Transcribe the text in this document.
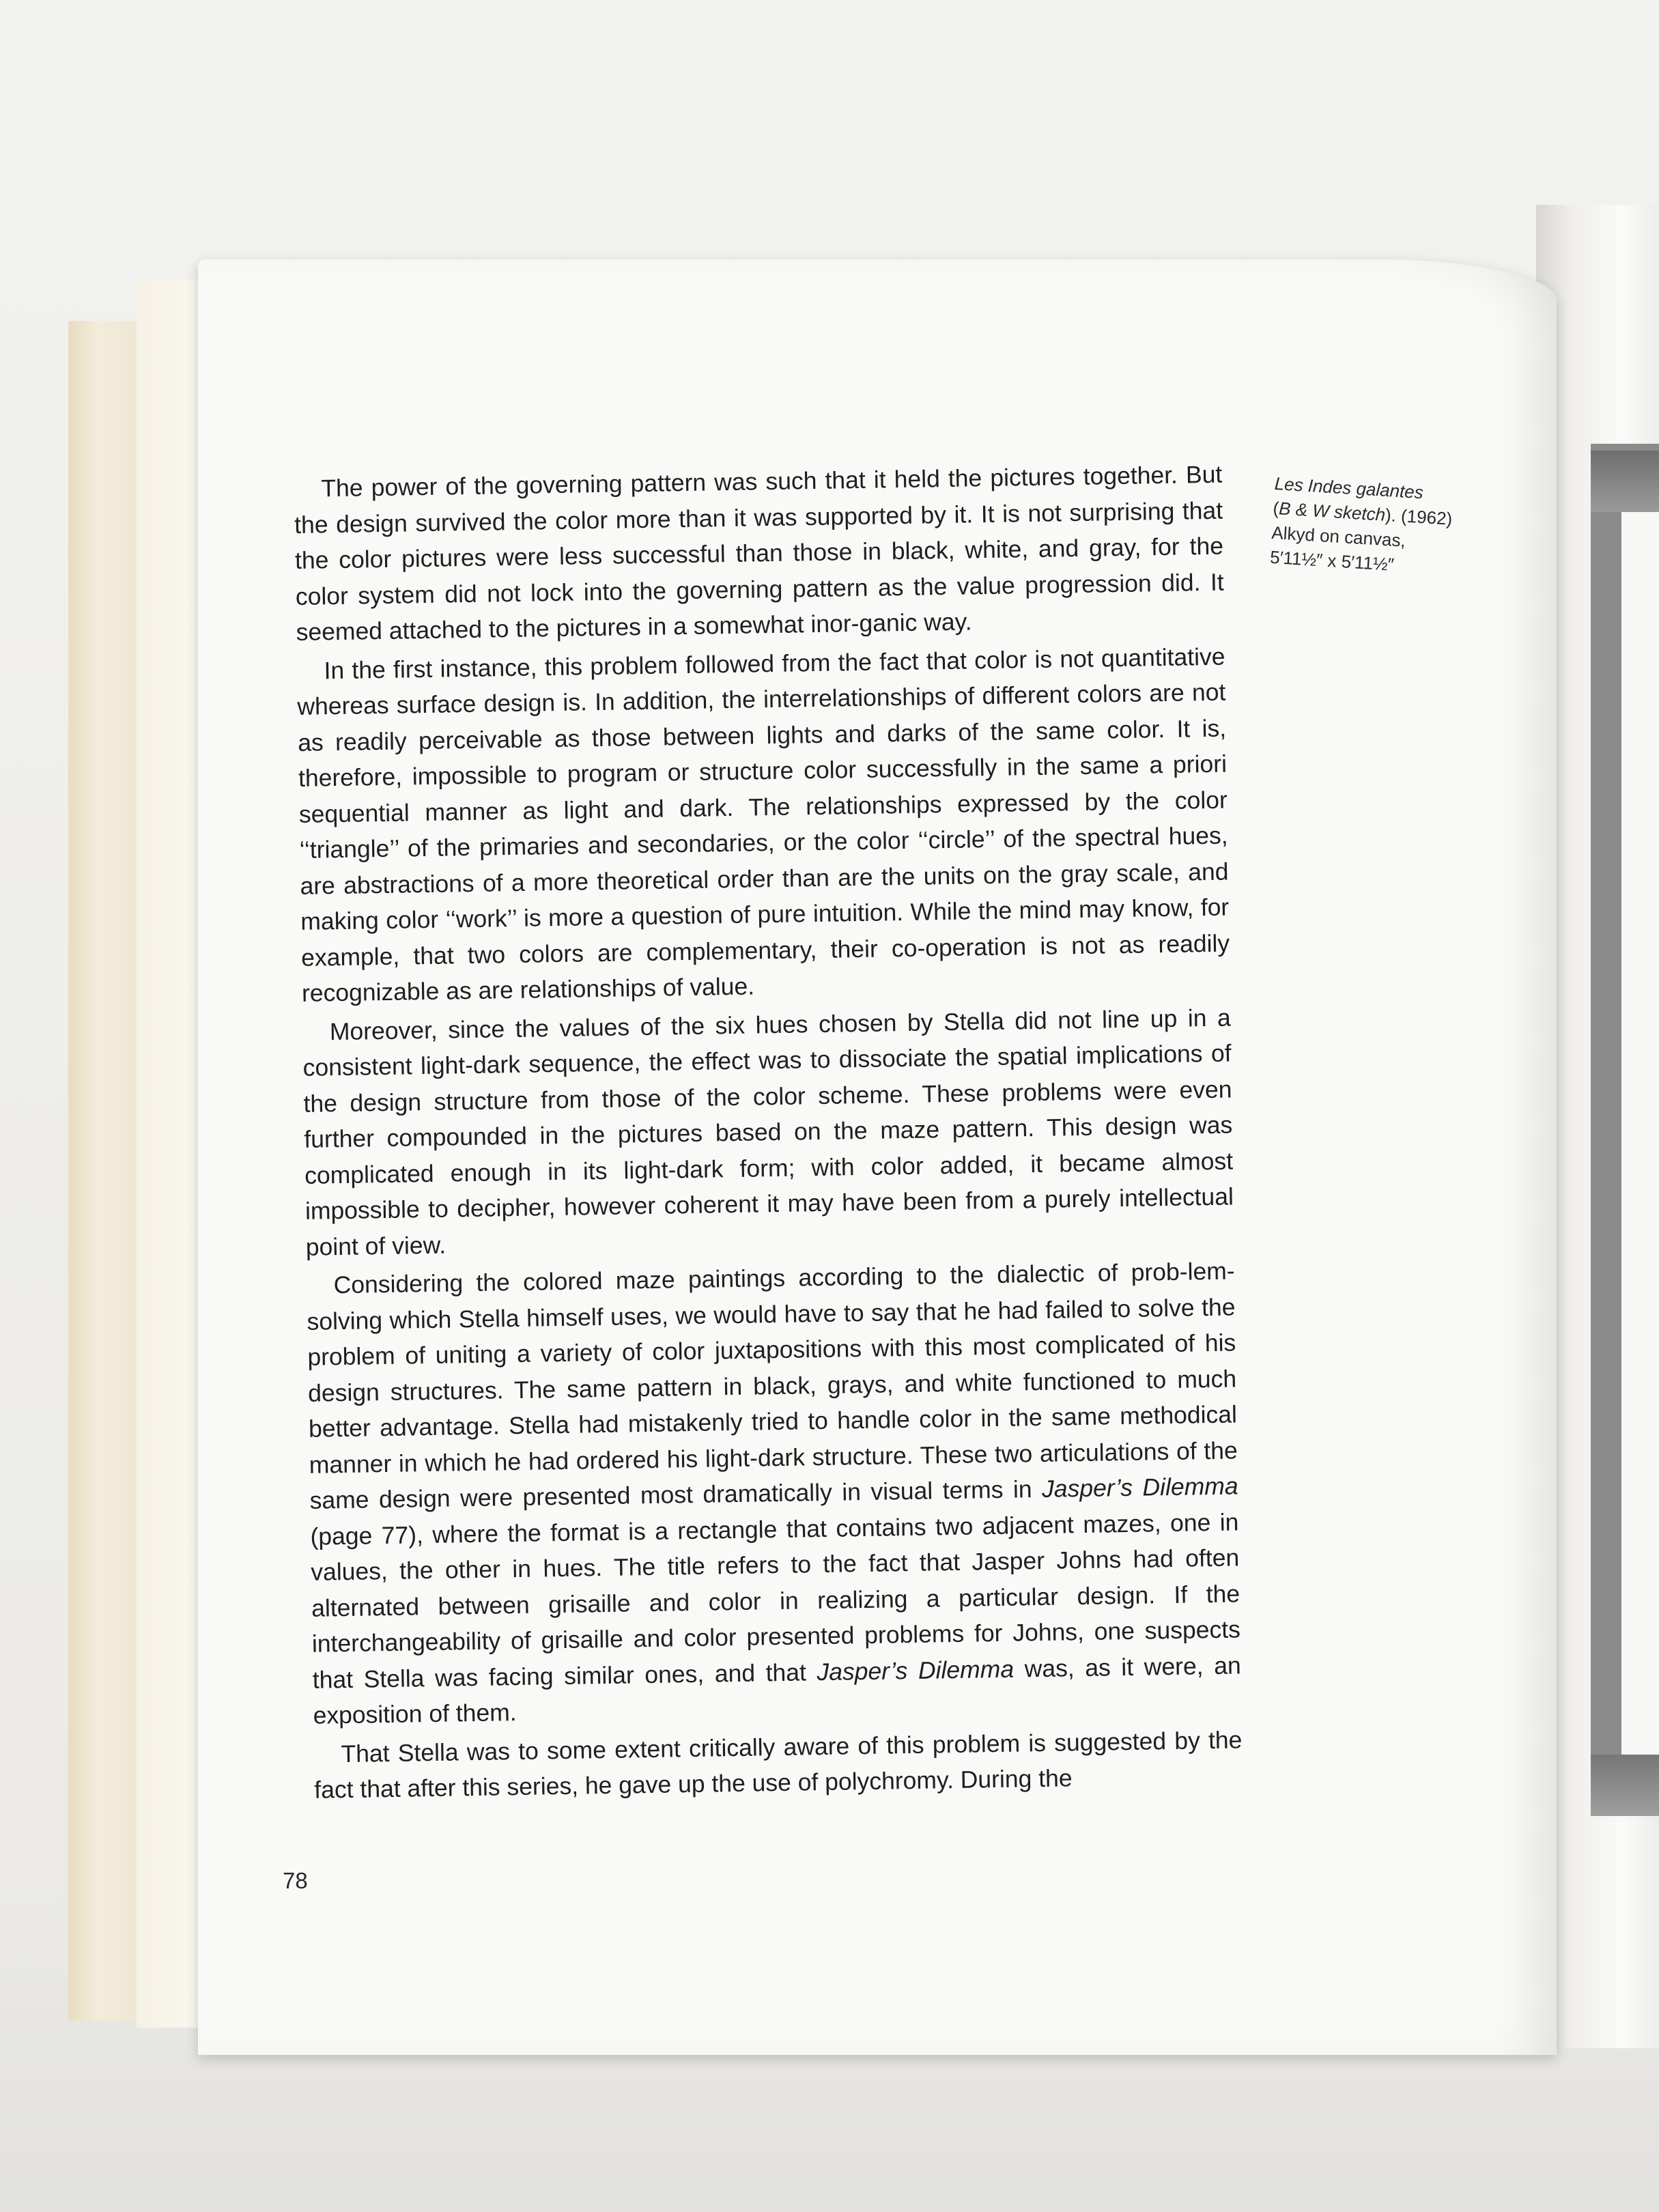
The power of the governing pattern was such that it held the pictures together. But the design survived the color more than it was supported by it. It is not surprising that the color pictures were less successful than those in black, white, and gray, for the color system did not lock into the governing pattern as the value progression did. It seemed attached to the pictures in a somewhat inor-ganic way.

In the first instance, this problem followed from the fact that color is not quantitative whereas surface design is. In addition, the interrelationships of different colors are not as readily perceivable as those between lights and darks of the same color. It is, therefore, impossible to program or structure color successfully in the same a priori sequential manner as light and dark. The relationships expressed by the color ‘‘triangle’’ of the primaries and secondaries, or the color ‘‘circle’’ of the spectral hues, are abstractions of a more theoretical order than are the units on the gray scale, and making color ‘‘work’’ is more a question of pure intuition. While the mind may know, for example, that two colors are complementary, their co-operation is not as readily recognizable as are relationships of value.

Moreover, since the values of the six hues chosen by Stella did not line up in a consistent light-dark sequence, the effect was to dissociate the spatial implications of the design structure from those of the color scheme. These problems were even further compounded in the pictures based on the maze pattern. This design was complicated enough in its light-dark form; with color added, it became almost impossible to decipher, however coherent it may have been from a purely intellectual point of view.

Considering the colored maze paintings according to the dialectic of prob-lem-solving which Stella himself uses, we would have to say that he had failed to solve the problem of uniting a variety of color juxtapositions with this most complicated of his design structures. The same pattern in black, grays, and white functioned to much better advantage. Stella had mistakenly tried to handle color in the same methodical manner in which he had ordered his light-dark structure. These two articulations of the same design were presented most dramatically in visual terms in Jasper’s Dilemma (page 77), where the format is a rectangle that contains two adjacent mazes, one in values, the other in hues. The title refers to the fact that Jasper Johns had often alternated between grisaille and color in realizing a particular design. If the interchangeability of grisaille and color presented problems for Johns, one suspects that Stella was facing similar ones, and that Jasper’s Dilemma was, as it were, an exposition of them.

That Stella was to some extent critically aware of this problem is suggested by the fact that after this series, he gave up the use of polychromy. During the

Les Indes galantes
(B & W sketch). (1962)
Alkyd on canvas,
5′11½″ x 5′11½″
78
